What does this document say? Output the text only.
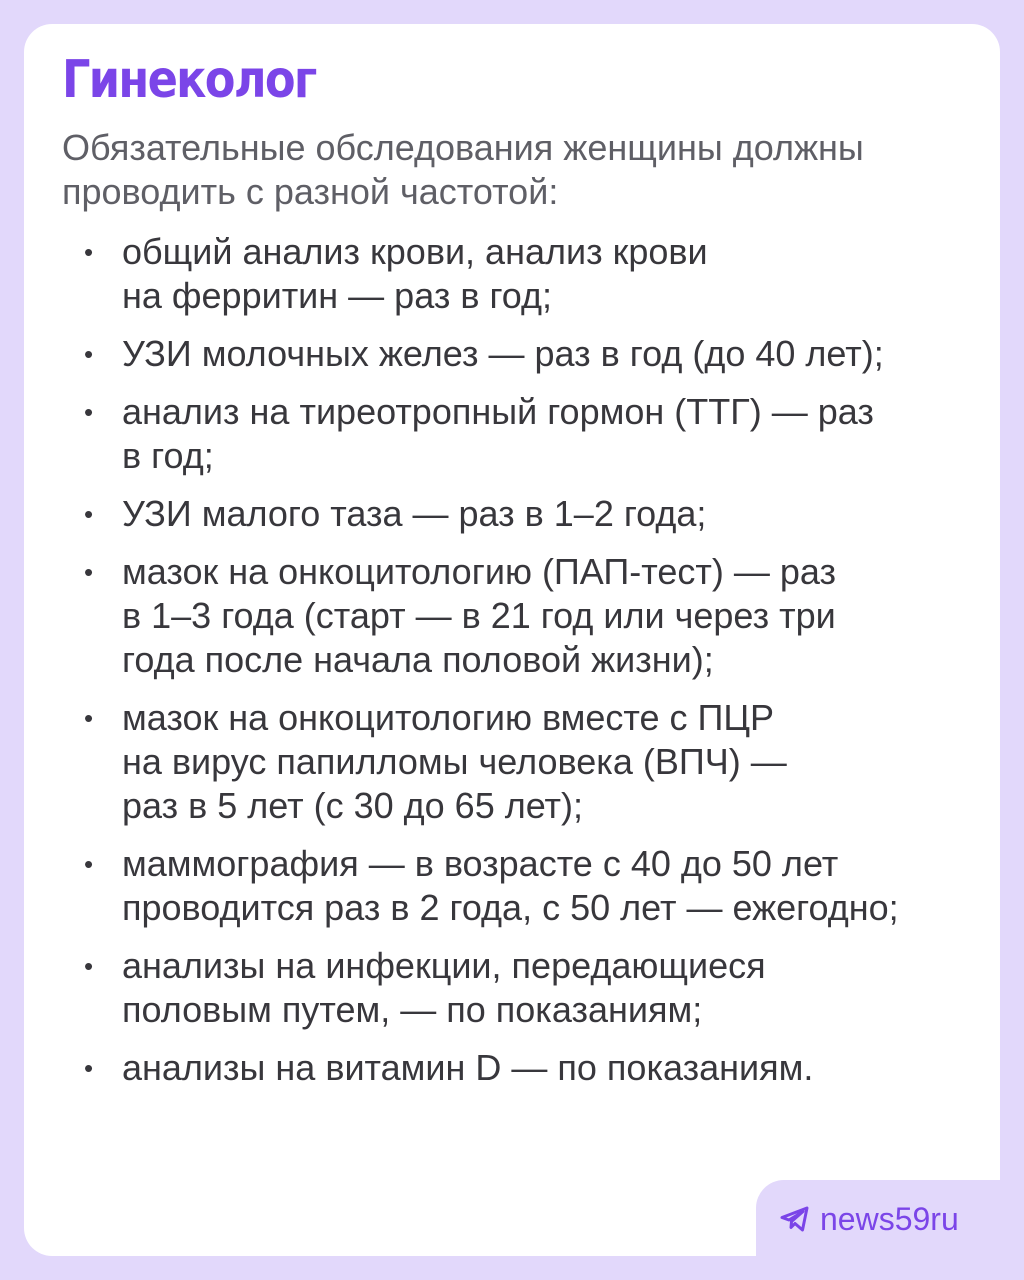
Гинеколог
Обязательные обследования женщины должны проводить с разной частотой:
• общий анализ крови, анализ крови
на ферритин — раз в год;
• УЗИ молочных желез — раз в год (до 40 лет);
• анализ на тиреотропный гормон (ТТГ) — раз
в год;
• УЗИ малого таза — раз в 1–2 года;
• мазок на онкоцитологию (ПАП-тест) — раз
в 1–3 года (старт — в 21 год или через три
года после начала половой жизни);
• мазок на онкоцитологию вместе с ПЦР
на вирус папилломы человека (ВПЧ) —
раз в 5 лет (с 30 до 65 лет);
• маммография — в возрасте с 40 до 50 лет
проводится раз в 2 года, с 50 лет — ежегодно;
• анализы на инфекции, передающиеся
половым путем, — по показаниям;
• анализы на витамин D — по показаниям.
news59ru
